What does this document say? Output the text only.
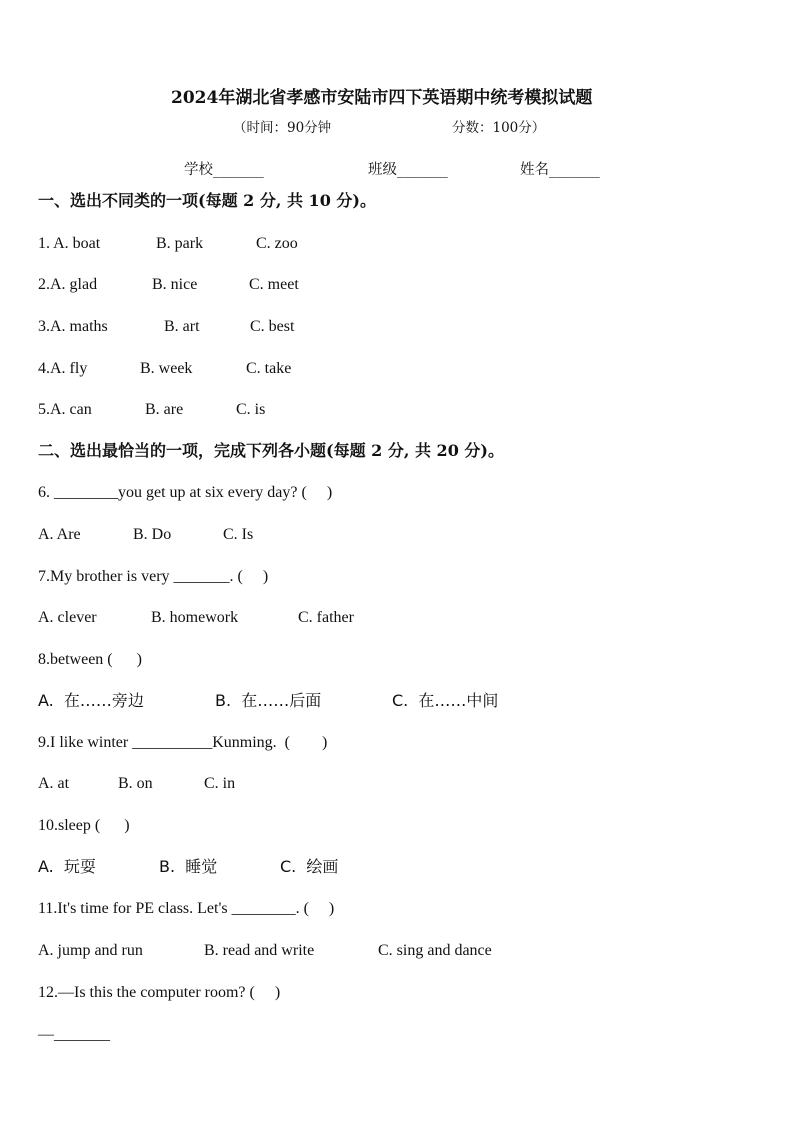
2024年湖北省孝感市安陆市四下英语期中统考模拟试题
（时间：90分钟	分数：100分）
学校_______	班级_______	姓名_______
一、选出不同类的一项(每题 2 分, 共 10 分)。
1. A. boat	B. park	C. zoo
2.A. glad	B. nice	C. meet
3.A. maths	B. art	C. best
4.A. fly	B. week	C. take
5.A. can	B. are	C. is
二、选出最恰当的一项，完成下列各小题(每题 2 分, 共 20 分)。
6. ________you get up at six every day? (     )
A. Are	B. Do	C. Is
7.My brother is very _______. (     )
A. clever	B. homework	C. father
8.between (      )
A.  在……旁边	B.  在……后面	C.  在……中间
9.I like winter __________Kunming.  (        )
A. at	B. on	C. in
10.sleep (      )
A.  玩耍	B.  睡觉	C.  绘画
11.It's time for PE class. Let's ________. (     )
A. jump and run	B. read and write	C. sing and dance
12.—Is this the computer room? (     )
—_______
